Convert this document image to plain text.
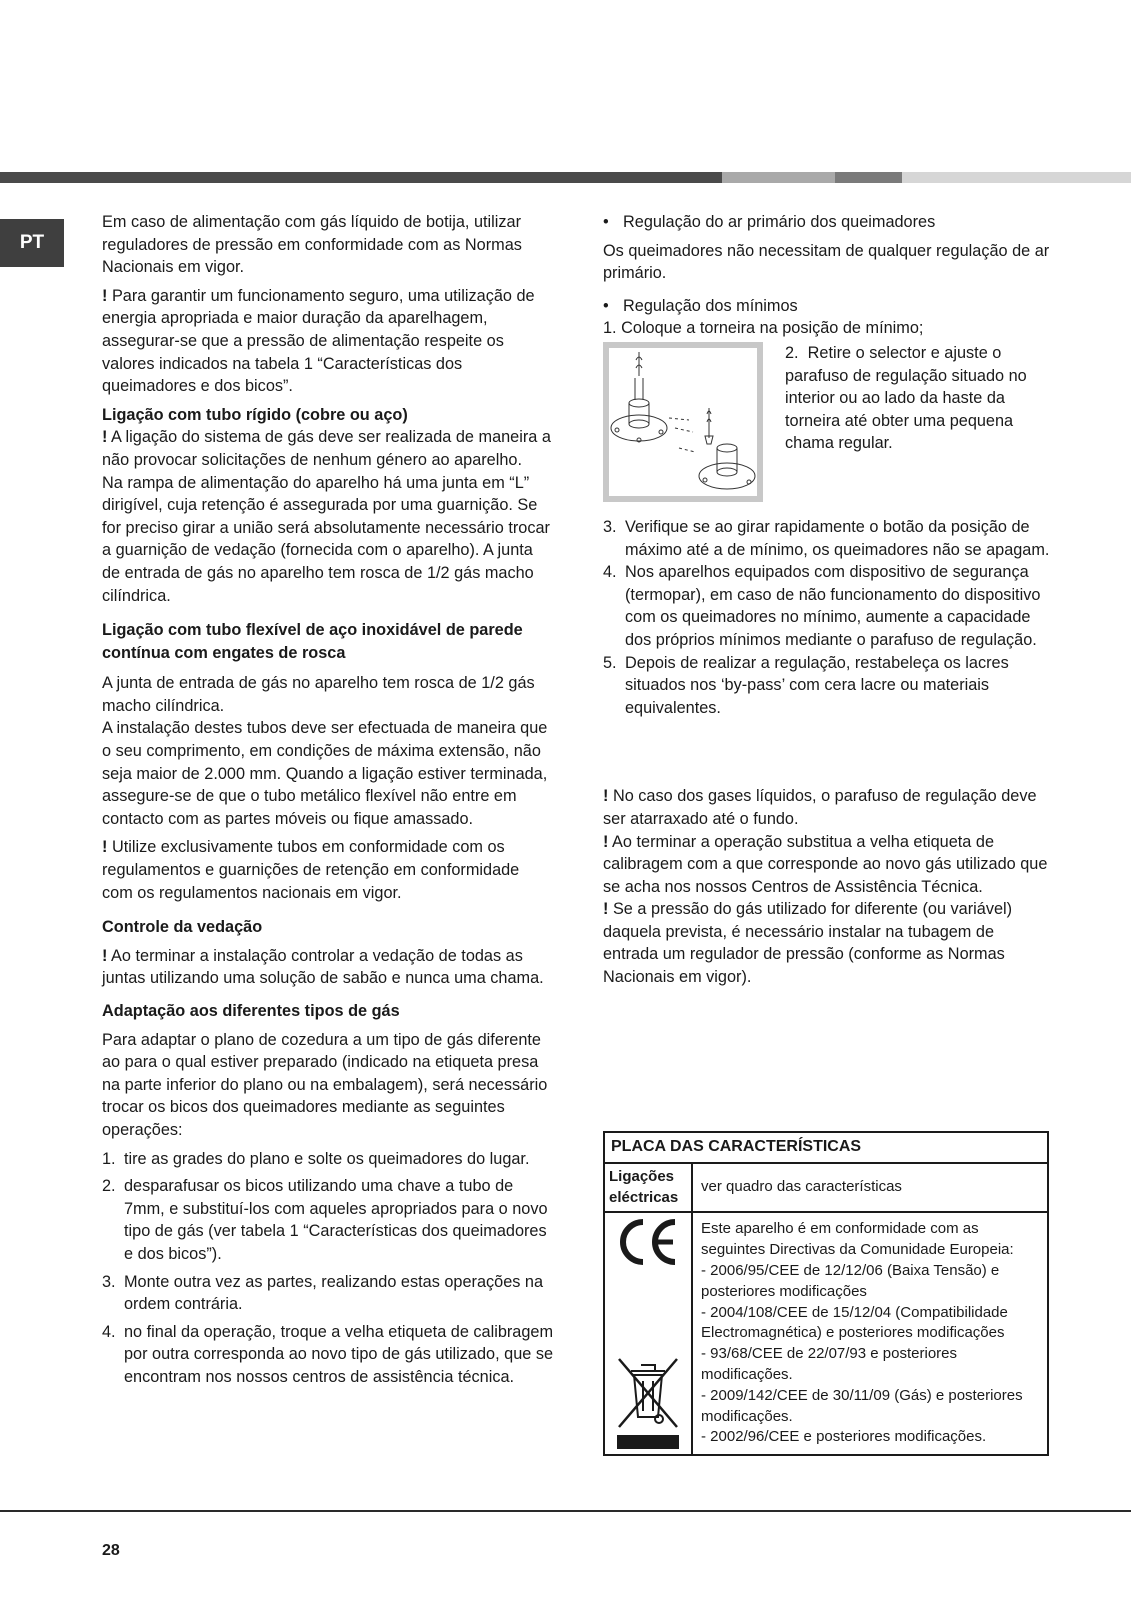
PT

Em caso de alimentação com gás líquido de botija, utilizar reguladores de pressão em conformidade com as Normas Nacionais em vigor.

! Para garantir um funcionamento seguro, uma utilização de energia apropriada e maior duração da aparelhagem, assegurar-se que a pressão de alimentação respeite os valores indicados na tabela 1 “Características dos queimadores e dos bicos”.

Ligação com tubo rígido (cobre ou aço)

! A ligação do sistema de gás deve ser realizada de maneira a não provocar solicitações de nenhum género ao aparelho.

Na rampa de alimentação do aparelho há uma junta em “L” dirigível, cuja retenção é assegurada por uma guarnição. Se for preciso girar a união será absolutamente necessário trocar a guarnição de vedação (fornecida com o aparelho). A junta de entrada de gás no aparelho tem rosca de 1/2 gás macho cilíndrica.

Ligação com tubo flexível de aço inoxidável de parede contínua com engates de rosca

A junta de entrada de gás no aparelho tem rosca de 1/2 gás macho cilíndrica.

A instalação destes tubos deve ser efectuada de maneira que o seu comprimento, em condições de máxima extensão, não seja maior de 2.000 mm. Quando a ligação estiver terminada, assegure-se de que o tubo metálico flexível não entre em contacto com as partes móveis ou fique amassado.

! Utilize exclusivamente tubos em conformidade com os regulamentos e guarnições de retenção em conformidade com os regulamentos nacionais em vigor.

Controle da vedação

! Ao terminar a instalação controlar a vedação de todas as juntas utilizando uma solução de sabão e nunca uma chama.

Adaptação aos diferentes tipos de gás

Para adaptar o plano de cozedura a um tipo de gás diferente ao para o qual estiver preparado (indicado na etiqueta presa na parte inferior do plano ou na embalagem), será necessário trocar os bicos dos queimadores mediante as seguintes operações:

1. tire as grades do plano e solte os queimadores do lugar.
2. desparafusar os bicos utilizando uma chave a tubo de 7mm, e substituí-los com aqueles apropriados para o novo tipo de gás (ver tabela 1 “Características dos queimadores e dos bicos”).
3. Monte outra vez as partes, realizando estas operações na ordem contrária.
4. no final da operação, troque a velha etiqueta de calibragem por outra corresponda ao novo tipo de gás utilizado, que se encontram nos nossos centros de assistência técnica.

• Regulação do ar primário dos queimadores

Os queimadores não necessitam de qualquer regulação de ar primário.

• Regulação dos mínimos

1. Coloque a torneira na posição de mínimo;

2. Retire o selector e ajuste o parafuso de regulação situado no interior ou ao lado da haste da torneira até obter uma pequena chama regular.
3. Verifique se ao girar rapidamente o botão da posição de máximo até a de mínimo, os queimadores não se apagam.
4. Nos aparelhos equipados com dispositivo de segurança (termopar), em caso de não funcionamento do dispositivo com os queimadores no mínimo, aumente a capacidade dos próprios mínimos mediante o parafuso de regulação.
5. Depois de realizar a regulação, restabeleça os lacres situados nos ‘by-pass’ com cera lacre ou materiais equivalentes.

! No caso dos gases líquidos, o parafuso de regulação deve ser atarraxado até o fundo.

! Ao terminar a operação substitua a velha etiqueta de calibragem com a que corresponde ao novo gás utilizado que se acha nos nossos Centros de Assistência Técnica.

! Se a pressão do gás utilizado for diferente (ou variável) daquela prevista, é necessário instalar na tubagem de entrada um regulador de pressão (conforme as Normas Nacionais em vigor).

PLACA DAS CARACTERÍSTICAS
Ligações eléctricas
ver quadro das características
Este aparelho é em conformidade com as seguintes Directivas da Comunidade Europeia:
- 2006/95/CEE de 12/12/06 (Baixa Tensão) e posteriores modificações
- 2004/108/CEE de 15/12/04 (Compatibilidade Electromagnética) e posteriores modificações
- 93/68/CEE de 22/07/93 e posteriores modificações.
- 2009/142/CEE de 30/11/09 (Gás) e posteriores modificações.
- 2002/96/CEE e posteriores modificações.
28
